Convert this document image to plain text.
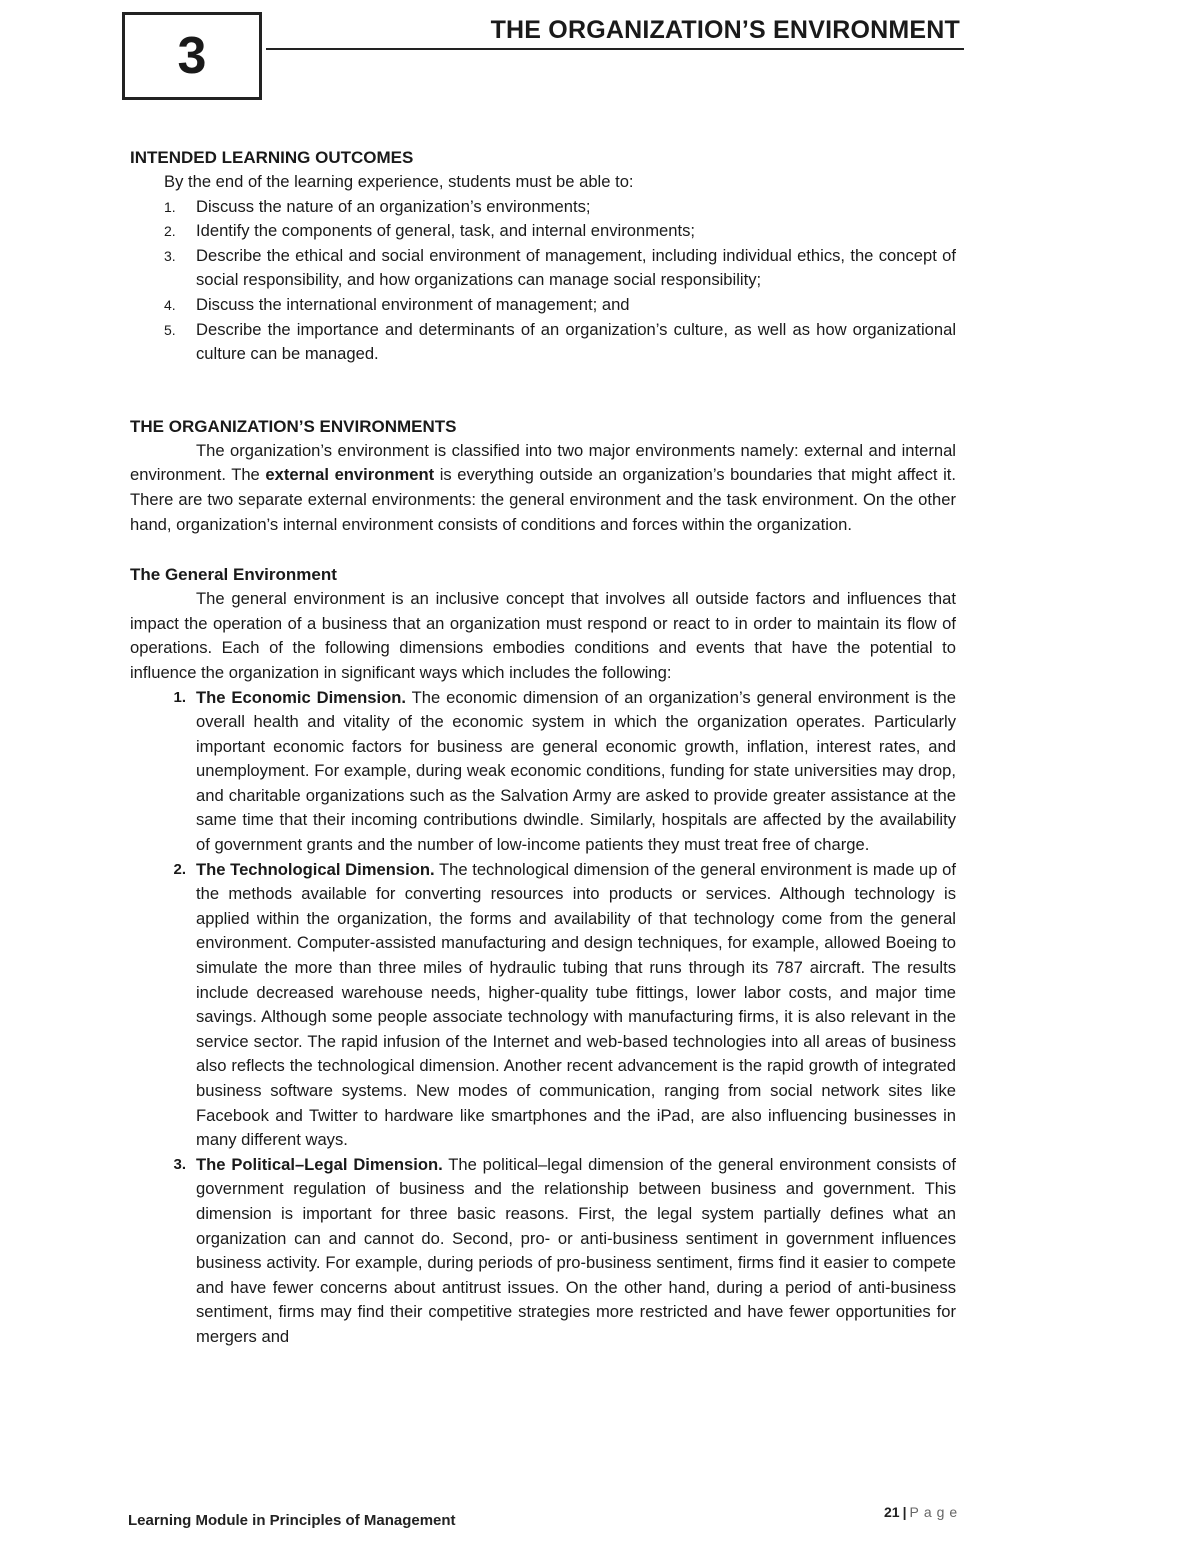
3	THE ORGANIZATION’S ENVIRONMENT

INTENDED LEARNING OUTCOMES

By the end of the learning experience, students must be able to:

1.	Discuss the nature of an organization’s environments;
2.	Identify the components of general, task, and internal environments;
3.	Describe the ethical and social environment of management, including individual ethics, the concept of social responsibility, and how organizations can manage social responsibility;
4.	Discuss the international environment of management; and
5.	Describe the importance and determinants of an organization’s culture, as well as how organizational culture can be managed.

THE ORGANIZATION’S ENVIRONMENTS

The organization’s environment is classified into two major environments namely: external and internal environment. The external environment is everything outside an organization’s boundaries that might affect it. There are two separate external environments: the general environment and the task environment. On the other hand, organization’s internal environment consists of conditions and forces within the organization.

The General Environment

The general environment is an inclusive concept that involves all outside factors and influences that impact the operation of a business that an organization must respond or react to in order to maintain its flow of operations. Each of the following dimensions embodies conditions and events that have the potential to influence the organization in significant ways which includes the following:

1. The Economic Dimension. The economic dimension of an organization’s general environment is the overall health and vitality of the economic system in which the organization operates. Particularly important economic factors for business are general economic growth, inflation, interest rates, and unemployment. For example, during weak economic conditions, funding for state universities may drop, and charitable organizations such as the Salvation Army are asked to provide greater assistance at the same time that their incoming contributions dwindle. Similarly, hospitals are affected by the availability of government grants and the number of low-income patients they must treat free of charge.
2. The Technological Dimension. The technological dimension of the general environment is made up of the methods available for converting resources into products or services. Although technology is applied within the organization, the forms and availability of that technology come from the general environment. Computer-assisted manufacturing and design techniques, for example, allowed Boeing to simulate the more than three miles of hydraulic tubing that runs through its 787 aircraft. The results include decreased warehouse needs, higher-quality tube fittings, lower labor costs, and major time savings. Although some people associate technology with manufacturing firms, it is also relevant in the service sector. The rapid infusion of the Internet and web-based technologies into all areas of business also reflects the technological dimension. Another recent advancement is the rapid growth of integrated business software systems. New modes of communication, ranging from social network sites like Facebook and Twitter to hardware like smartphones and the iPad, are also influencing businesses in many different ways.
3. The Political–Legal Dimension. The political–legal dimension of the general environment consists of government regulation of business and the relationship between business and government. This dimension is important for three basic reasons. First, the legal system partially defines what an organization can and cannot do. Second, pro- or anti-business sentiment in government influences business activity. For example, during periods of pro-business sentiment, firms find it easier to compete and have fewer concerns about antitrust issues. On the other hand, during a period of anti-business sentiment, firms may find their competitive strategies more restricted and have fewer opportunities for mergers and
Learning Module in Principles of Management	21 | Page
